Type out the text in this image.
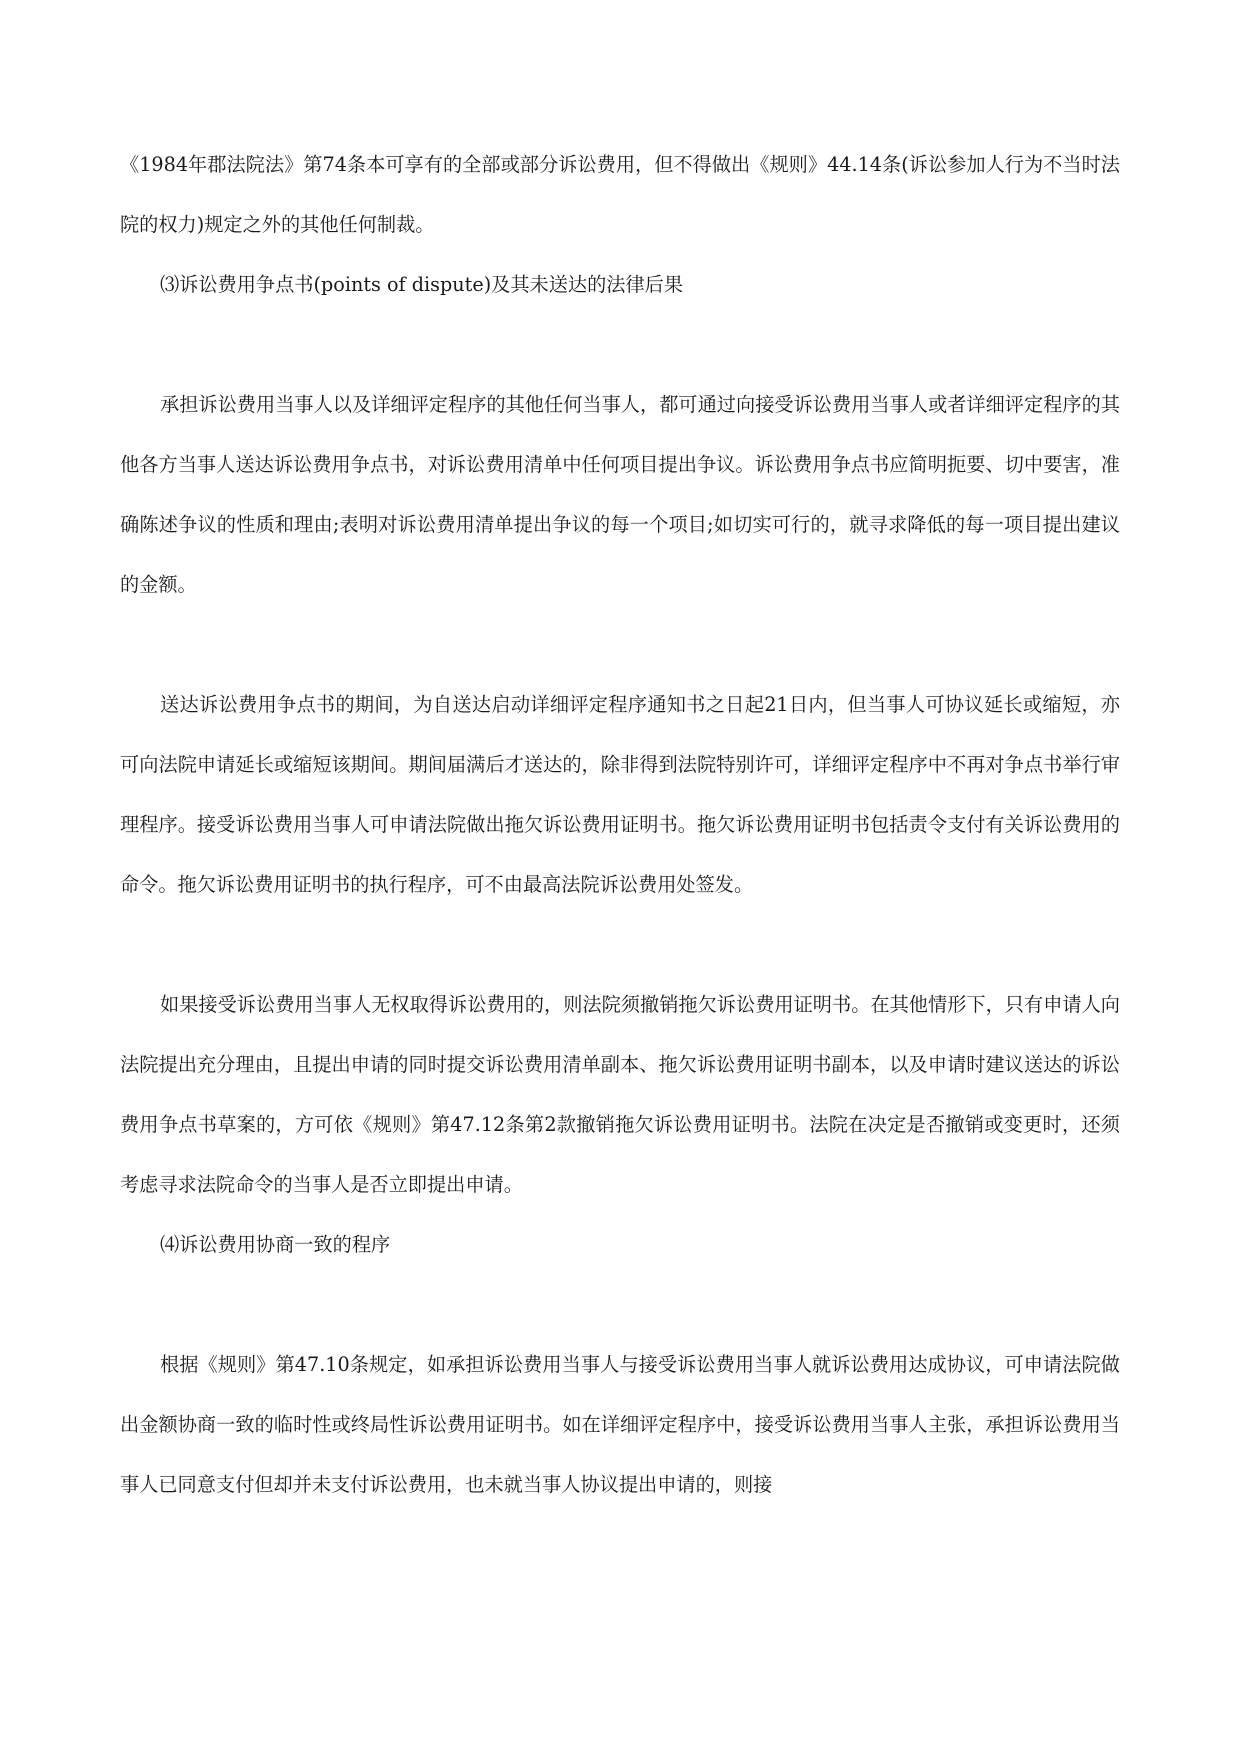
《1984年郡法院法》第74条本可享有的全部或部分诉讼费用，但不得做出《规则》44.14条(诉讼参加人行为不当时法院的权力)规定之外的其他任何制裁。

⑶诉讼费用争点书(points of dispute)及其未送达的法律后果

承担诉讼费用当事人以及详细评定程序的其他任何当事人，都可通过向接受诉讼费用当事人或者详细评定程序的其他各方当事人送达诉讼费用争点书，对诉讼费用清单中任何项目提出争议。诉讼费用争点书应简明扼要、切中要害，准确陈述争议的性质和理由;表明对诉讼费用清单提出争议的每一个项目;如切实可行的，就寻求降低的每一项目提出建议的金额。

送达诉讼费用争点书的期间，为自送达启动详细评定程序通知书之日起21日内，但当事人可协议延长或缩短，亦可向法院申请延长或缩短该期间。期间届满后才送达的，除非得到法院特别许可，详细评定程序中不再对争点书举行审理程序。接受诉讼费用当事人可申请法院做出拖欠诉讼费用证明书。拖欠诉讼费用证明书包括责令支付有关诉讼费用的命令。拖欠诉讼费用证明书的执行程序，可不由最高法院诉讼费用处签发。

如果接受诉讼费用当事人无权取得诉讼费用的，则法院须撤销拖欠诉讼费用证明书。在其他情形下，只有申请人向法院提出充分理由，且提出申请的同时提交诉讼费用清单副本、拖欠诉讼费用证明书副本，以及申请时建议送达的诉讼费用争点书草案的，方可依《规则》第47.12条第2款撤销拖欠诉讼费用证明书。法院在决定是否撤销或变更时，还须考虑寻求法院命令的当事人是否立即提出申请。

⑷诉讼费用协商一致的程序

根据《规则》第47.10条规定，如承担诉讼费用当事人与接受诉讼费用当事人就诉讼费用达成协议，可申请法院做出金额协商一致的临时性或终局性诉讼费用证明书。如在详细评定程序中，接受诉讼费用当事人主张，承担诉讼费用当事人已同意支付但却并未支付诉讼费用，也未就当事人协议提出申请的，则接
